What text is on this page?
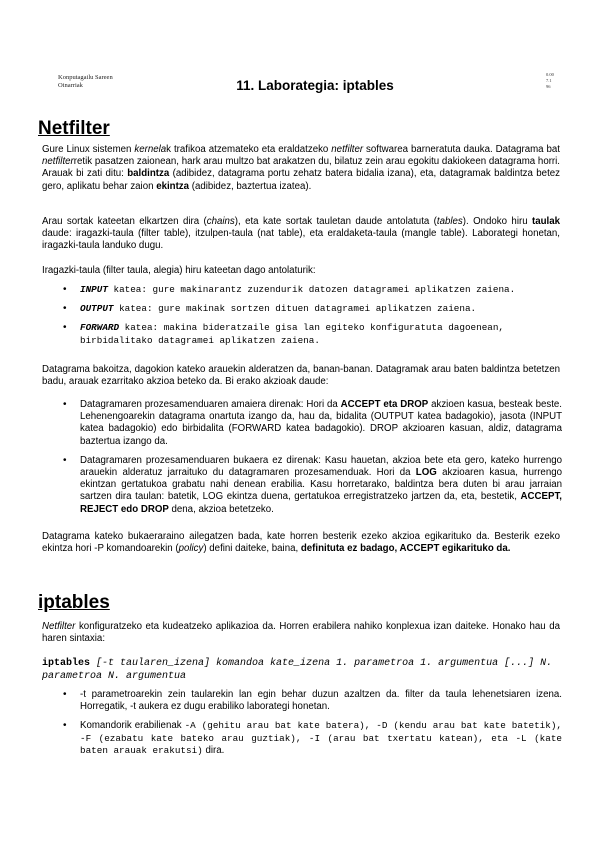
Konputagailu Sareen
Oinarriak	11. Laborategia: iptables
0.00
7.1
96
Netfilter

Gure Linux sistemen kernelak trafikoa atzemateko eta eraldatzeko netfilter softwarea barneratuta dauka. Datagrama bat netfilterretik pasatzen zaionean, hark arau multzo bat arakatzen du, bilatuz zein arau egokitu dakiokeen datagrama horri. Arauak bi zati ditu: baldintza (adibidez, datagrama portu zehatz batera bidalia izana), eta, datagramak baldintza betez gero, aplikatu behar zaion ekintza (adibidez, baztertua izatea).

Arau sortak kateetan elkartzen dira (chains), eta kate sortak tauletan daude antolatuta (tables). Ondoko hiru taulak daude: iragazki-taula (filter table), itzulpen-taula (nat table), eta eraldaketa-taula (mangle table). Laborategi honetan, iragazki-taula landuko dugu.

Iragazki-taula (filter taula, alegia) hiru kateetan dago antolaturik:

• INPUT katea: gure makinarantz zuzendurik datozen datagramei aplikatzen zaiena.
• OUTPUT katea: gure makinak sortzen dituen datagramei aplikatzen zaiena.
• FORWARD katea: makina bideratzaile gisa lan egiteko konfiguratuta dagoenean, birbidalitako datagramei aplikatzen zaiena.

Datagrama bakoitza, dagokion kateko arauekin alderatzen da, banan-banan. Datagramak arau baten baldintza betetzen badu, arauak ezarritako akzioa beteko da. Bi erako akzioak daude:

• Datagramaren prozesamenduaren amaiera direnak: Hori da ACCEPT eta DROP akzioen kasua, besteak beste. Lehenengoarekin datagrama onartuta izango da, hau da, bidalita (OUTPUT katea badagokio), jasota (INPUT katea badagokio) edo birbidalita (FORWARD katea badagokio). DROP akzioaren kasuan, aldiz, datagrama baztertua izango da.
• Datagramaren prozesamenduaren bukaera ez direnak: Kasu hauetan, akzioa bete eta gero, kateko hurrengo arauekin alderatuz jarraituko du datagramaren prozesamenduak. Hori da LOG akzioaren kasua, hurrengo ekintzan gertatukoa grabatu nahi denean erabilia. Kasu horretarako, baldintza bera duten bi arau jarraian sartzen dira taulan: batetik, LOG ekintza duena, gertatukoa erregistratzeko jartzen da, eta, bestetik, ACCEPT, REJECT edo DROP dena, akzioa betetzeko.

Datagrama kateko bukaeraraino ailegatzen bada, kate horren besterik ezeko akzioa egikarituko da. Besterik ezeko ekintza hori -P komandoarekin (policy) defini daiteke, baina, definituta ez badago, ACCEPT egikarituko da.

iptables

Netfilter konfiguratzeko eta kudeatzeko aplikazioa da. Horren erabilera nahiko konplexua izan daiteke. Honako hau da haren sintaxia:

iptables [-t taularen_izena] komandoa kate_izena 1. parametroa 1. argumentua [...] N. parametroa N. argumentua

• -t parametroarekin zein taularekin lan egin behar duzun azaltzen da. filter da taula lehenetsiaren izena. Horregatik, -t aukera ez dugu erabiliko laborategi honetan.
• Komandorik erabilienak -A (gehitu arau bat kate batera), -D (kendu arau bat kate batetik), -F (ezabatu kate bateko arau guztiak), -I (arau bat txertatu katean), eta -L (kate baten arauak erakutsi) dira.
